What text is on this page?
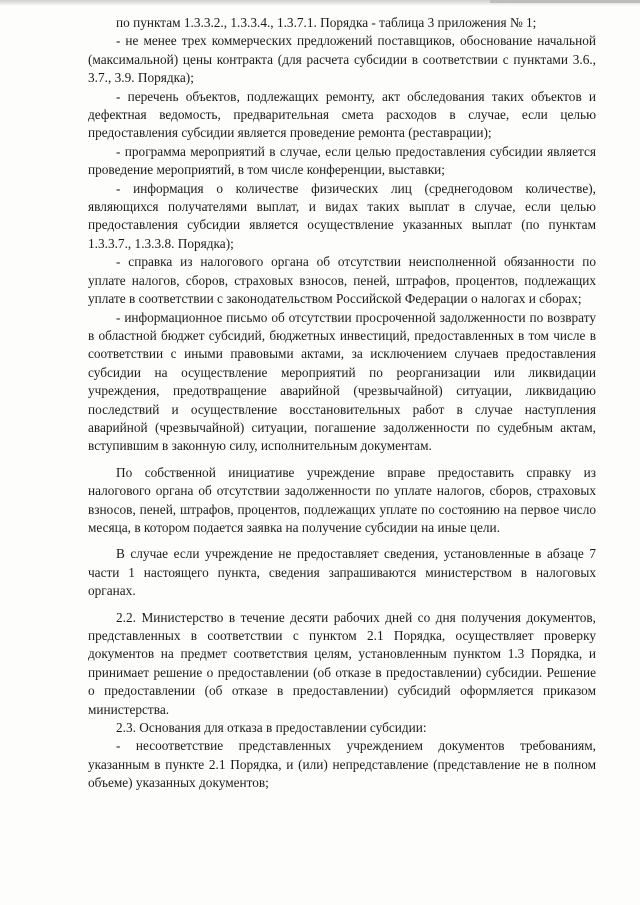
по пунктам 1.3.3.2., 1.3.3.4., 1.3.7.1. Порядка - таблица 3 приложения № 1;

- не менее трех коммерческих предложений поставщиков, обоснование начальной (максимальной) цены контракта (для расчета субсидии в соответствии с пунктами 3.6., 3.7., 3.9. Порядка);

- перечень объектов, подлежащих ремонту, акт обследования таких объектов и дефектная ведомость, предварительная смета расходов в случае, если целью предоставления субсидии является проведение ремонта (реставрации);

- программа мероприятий в случае, если целью предоставления субсидии является проведение мероприятий, в том числе конференции, выставки;

- информация о количестве физических лиц (среднегодовом количестве), являющихся получателями выплат, и видах таких выплат в случае, если целью предоставления субсидии является осуществление указанных выплат (по пунктам 1.3.3.7., 1.3.3.8. Порядка);

- справка из налогового органа об отсутствии неисполненной обязанности по уплате налогов, сборов, страховых взносов, пеней, штрафов, процентов, подлежащих уплате в соответствии с законодательством Российской Федерации о налогах и сборах;

- информационное письмо об отсутствии просроченной задолженности по возврату в областной бюджет субсидий, бюджетных инвестиций, предоставленных в том числе в соответствии с иными правовыми актами, за исключением случаев предоставления субсидии на осуществление мероприятий по реорганизации или ликвидации учреждения, предотвращение аварийной (чрезвычайной) ситуации, ликвидацию последствий и осуществление восстановительных работ в случае наступления аварийной (чрезвычайной) ситуации, погашение задолженности по судебным актам, вступившим в законную силу, исполнительным документам.

По собственной инициативе учреждение вправе предоставить справку из налогового органа об отсутствии задолженности по уплате налогов, сборов, страховых взносов, пеней, штрафов, процентов, подлежащих уплате по состоянию на первое число месяца, в котором подается заявка на получение субсидии на иные цели.

В случае если учреждение не предоставляет сведения, установленные в абзаце 7 части 1 настоящего пункта, сведения запрашиваются министерством в налоговых органах.

2.2. Министерство в течение десяти рабочих дней со дня получения документов, представленных в соответствии с пунктом 2.1 Порядка, осуществляет проверку документов на предмет соответствия целям, установленным пунктом 1.3 Порядка, и принимает решение о предоставлении (об отказе в предоставлении) субсидии. Решение о предоставлении (об отказе в предоставлении) субсидий оформляется приказом министерства.

2.3. Основания для отказа в предоставлении субсидии:

- несоответствие представленных учреждением документов требованиям, указанным в пункте 2.1 Порядка, и (или) непредставление (представление не в полном объеме) указанных документов;
